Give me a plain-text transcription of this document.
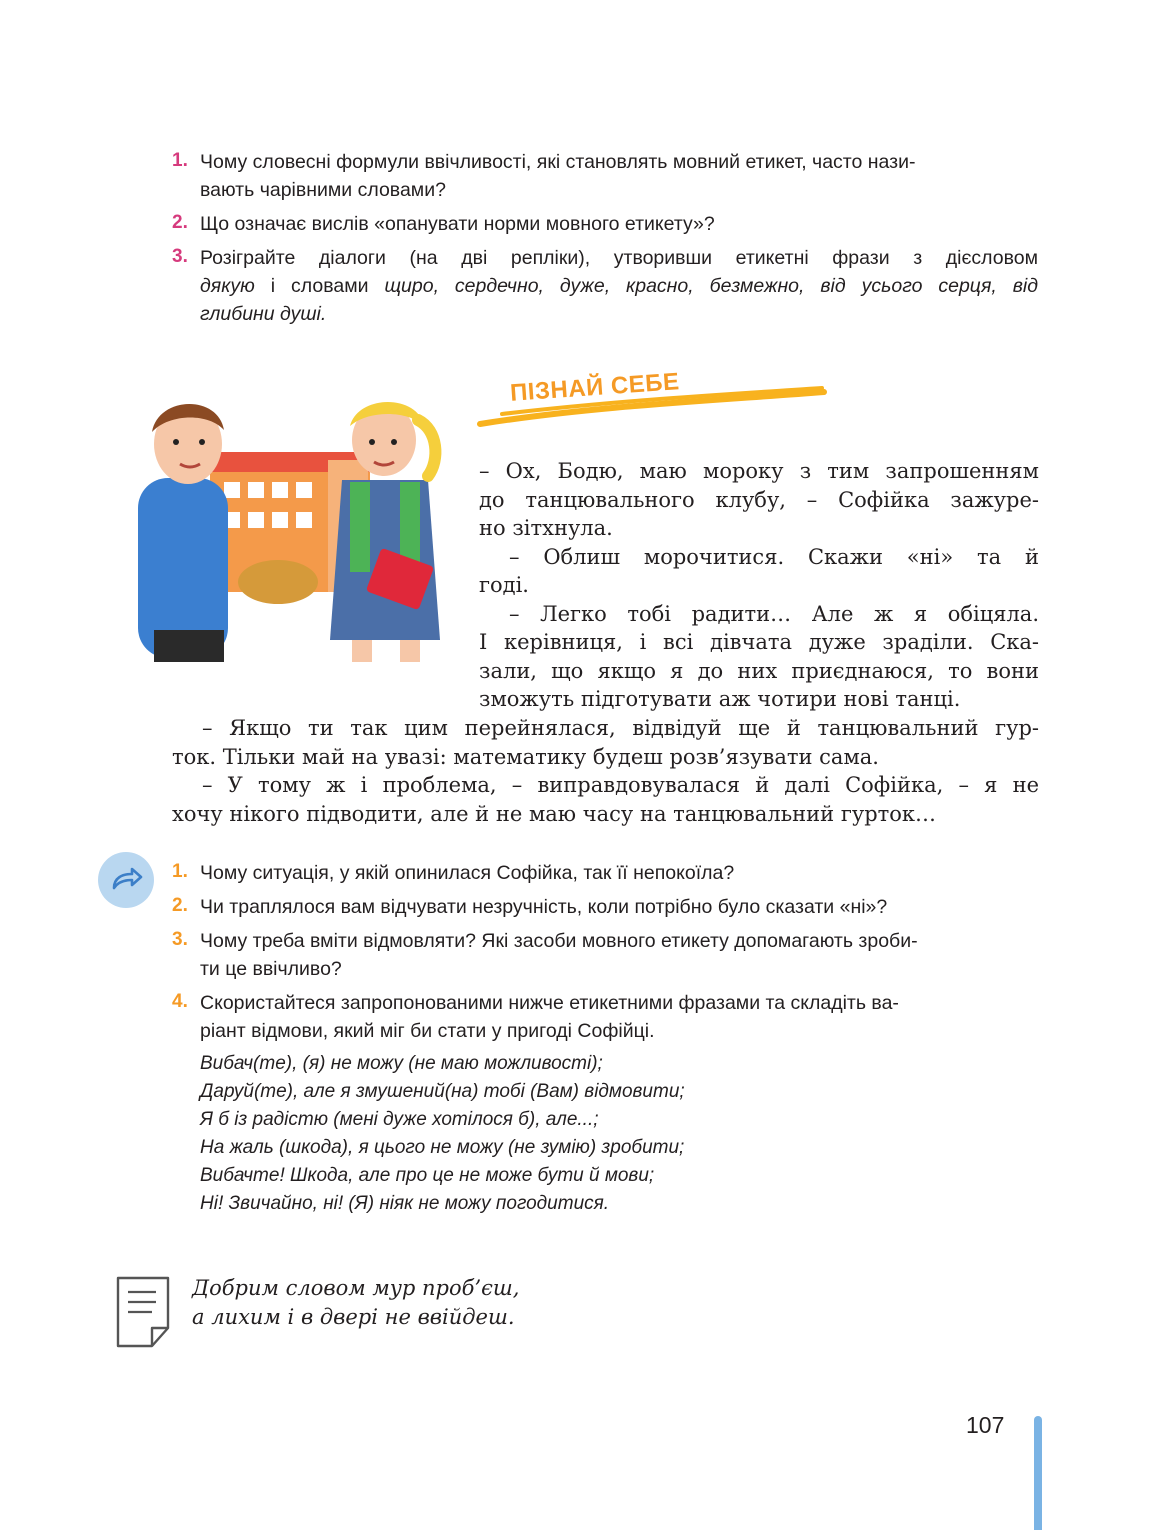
1. Чому словесні формули ввічливості, які становлять мовний етикет, часто нази-
вають чарівними словами?
2. Що означає вислів «опанувати норми мовного етикету»?
3. Розіграйте діалоги (на дві репліки), утворивши етикетні фрази з дієсловом
дякую і словами щиро, сердечно, дуже, красно, безмежно, від усього серця, від
глибини душі.
ПІЗНАЙ СЕБЕ
– Ох, Бодю, маю мороку з тим запрошенням
до танцювального клубу, – Софійка зажуре-
но зітхнула.
– Облиш морочитися. Скажи «ні» та й
годі.
– Легко тобі радити… Але ж я обіцяла.
І керівниця, і всі дівчата дуже зраділи. Ска-
зали, що якщо я до них приєднаюся, то вони
зможуть підготувати аж чотири нові танці.
– Якщо ти так цим перейнялася, відвідуй ще й танцювальний гур-
ток. Тільки май на увазі: математику будеш розв’язувати сама.
– У тому ж і проблема, – виправдовувалася й далі Софійка, – я не
хочу нікого підводити, але й не маю часу на танцювальний гурток…
1. Чому ситуація, у якій опинилася Софійка, так її непокоїла?
2. Чи траплялося вам відчувати незручність, коли потрібно було сказати «ні»?
3. Чому треба вміти відмовляти? Які засоби мовного етикету допомагають зроби-
ти це ввічливо?
4. Скористайтеся запропонованими нижче етикетними фразами та складіть ва-
ріант відмови, який міг би стати у пригоді Софійці.
Вибач(те), (я) не можу (не маю можливості);
Даруй(те), але я змушений(на) тобі (Вам) відмовити;
Я б із радістю (мені дуже хотілося б), але...;
На жаль (шкода), я цього не можу (не зумію) зробити;
Вибачте! Шкода, але про це не може бути й мови;
Ні! Звичайно, ні! (Я) ніяк не можу погодитися.
Добрим словом мур проб’єш,
а лихим і в двері не ввійдеш.
107
